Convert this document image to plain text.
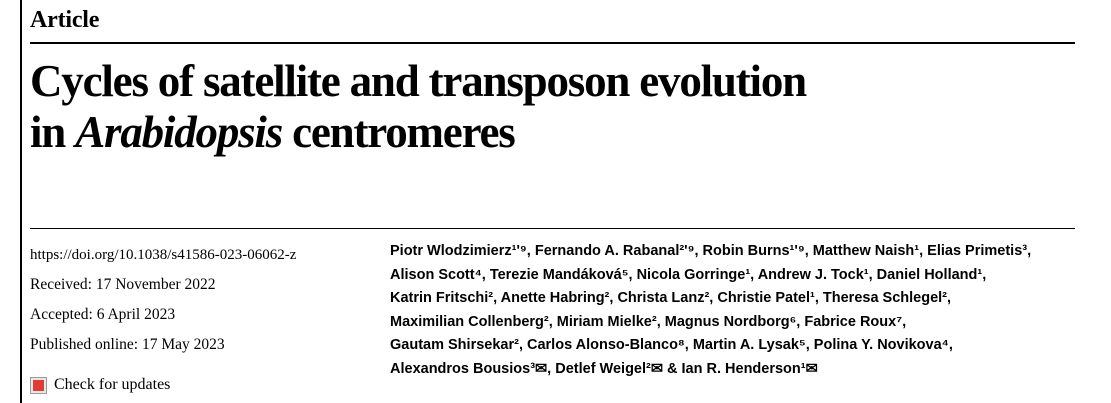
Article
Cycles of satellite and transposon evolution
in Arabidopsis centromeres
https://doi.org/10.1038/s41586-023-06062-z
Received: 17 November 2022
Accepted: 6 April 2023
Published online: 17 May 2023
Check for updates
Piotr Wlodzimierz¹'⁹, Fernando A. Rabanal²'⁹, Robin Burns¹'⁹, Matthew Naish¹, Elias Primetis³,
Alison Scott⁴, Terezie Mandáková⁵, Nicola Gorringe¹, Andrew J. Tock¹, Daniel Holland¹,
Katrin Fritschi², Anette Habring², Christa Lanz², Christie Patel¹, Theresa Schlegel²,
Maximilian Collenberg², Miriam Mielke², Magnus Nordborg⁶, Fabrice Roux⁷,
Gautam Shirsekar², Carlos Alonso-Blanco⁸, Martin A. Lysak⁵, Polina Y. Novikova⁴,
Alexandros Bousios³✉, Detlef Weigel²✉ & Ian R. Henderson¹✉
